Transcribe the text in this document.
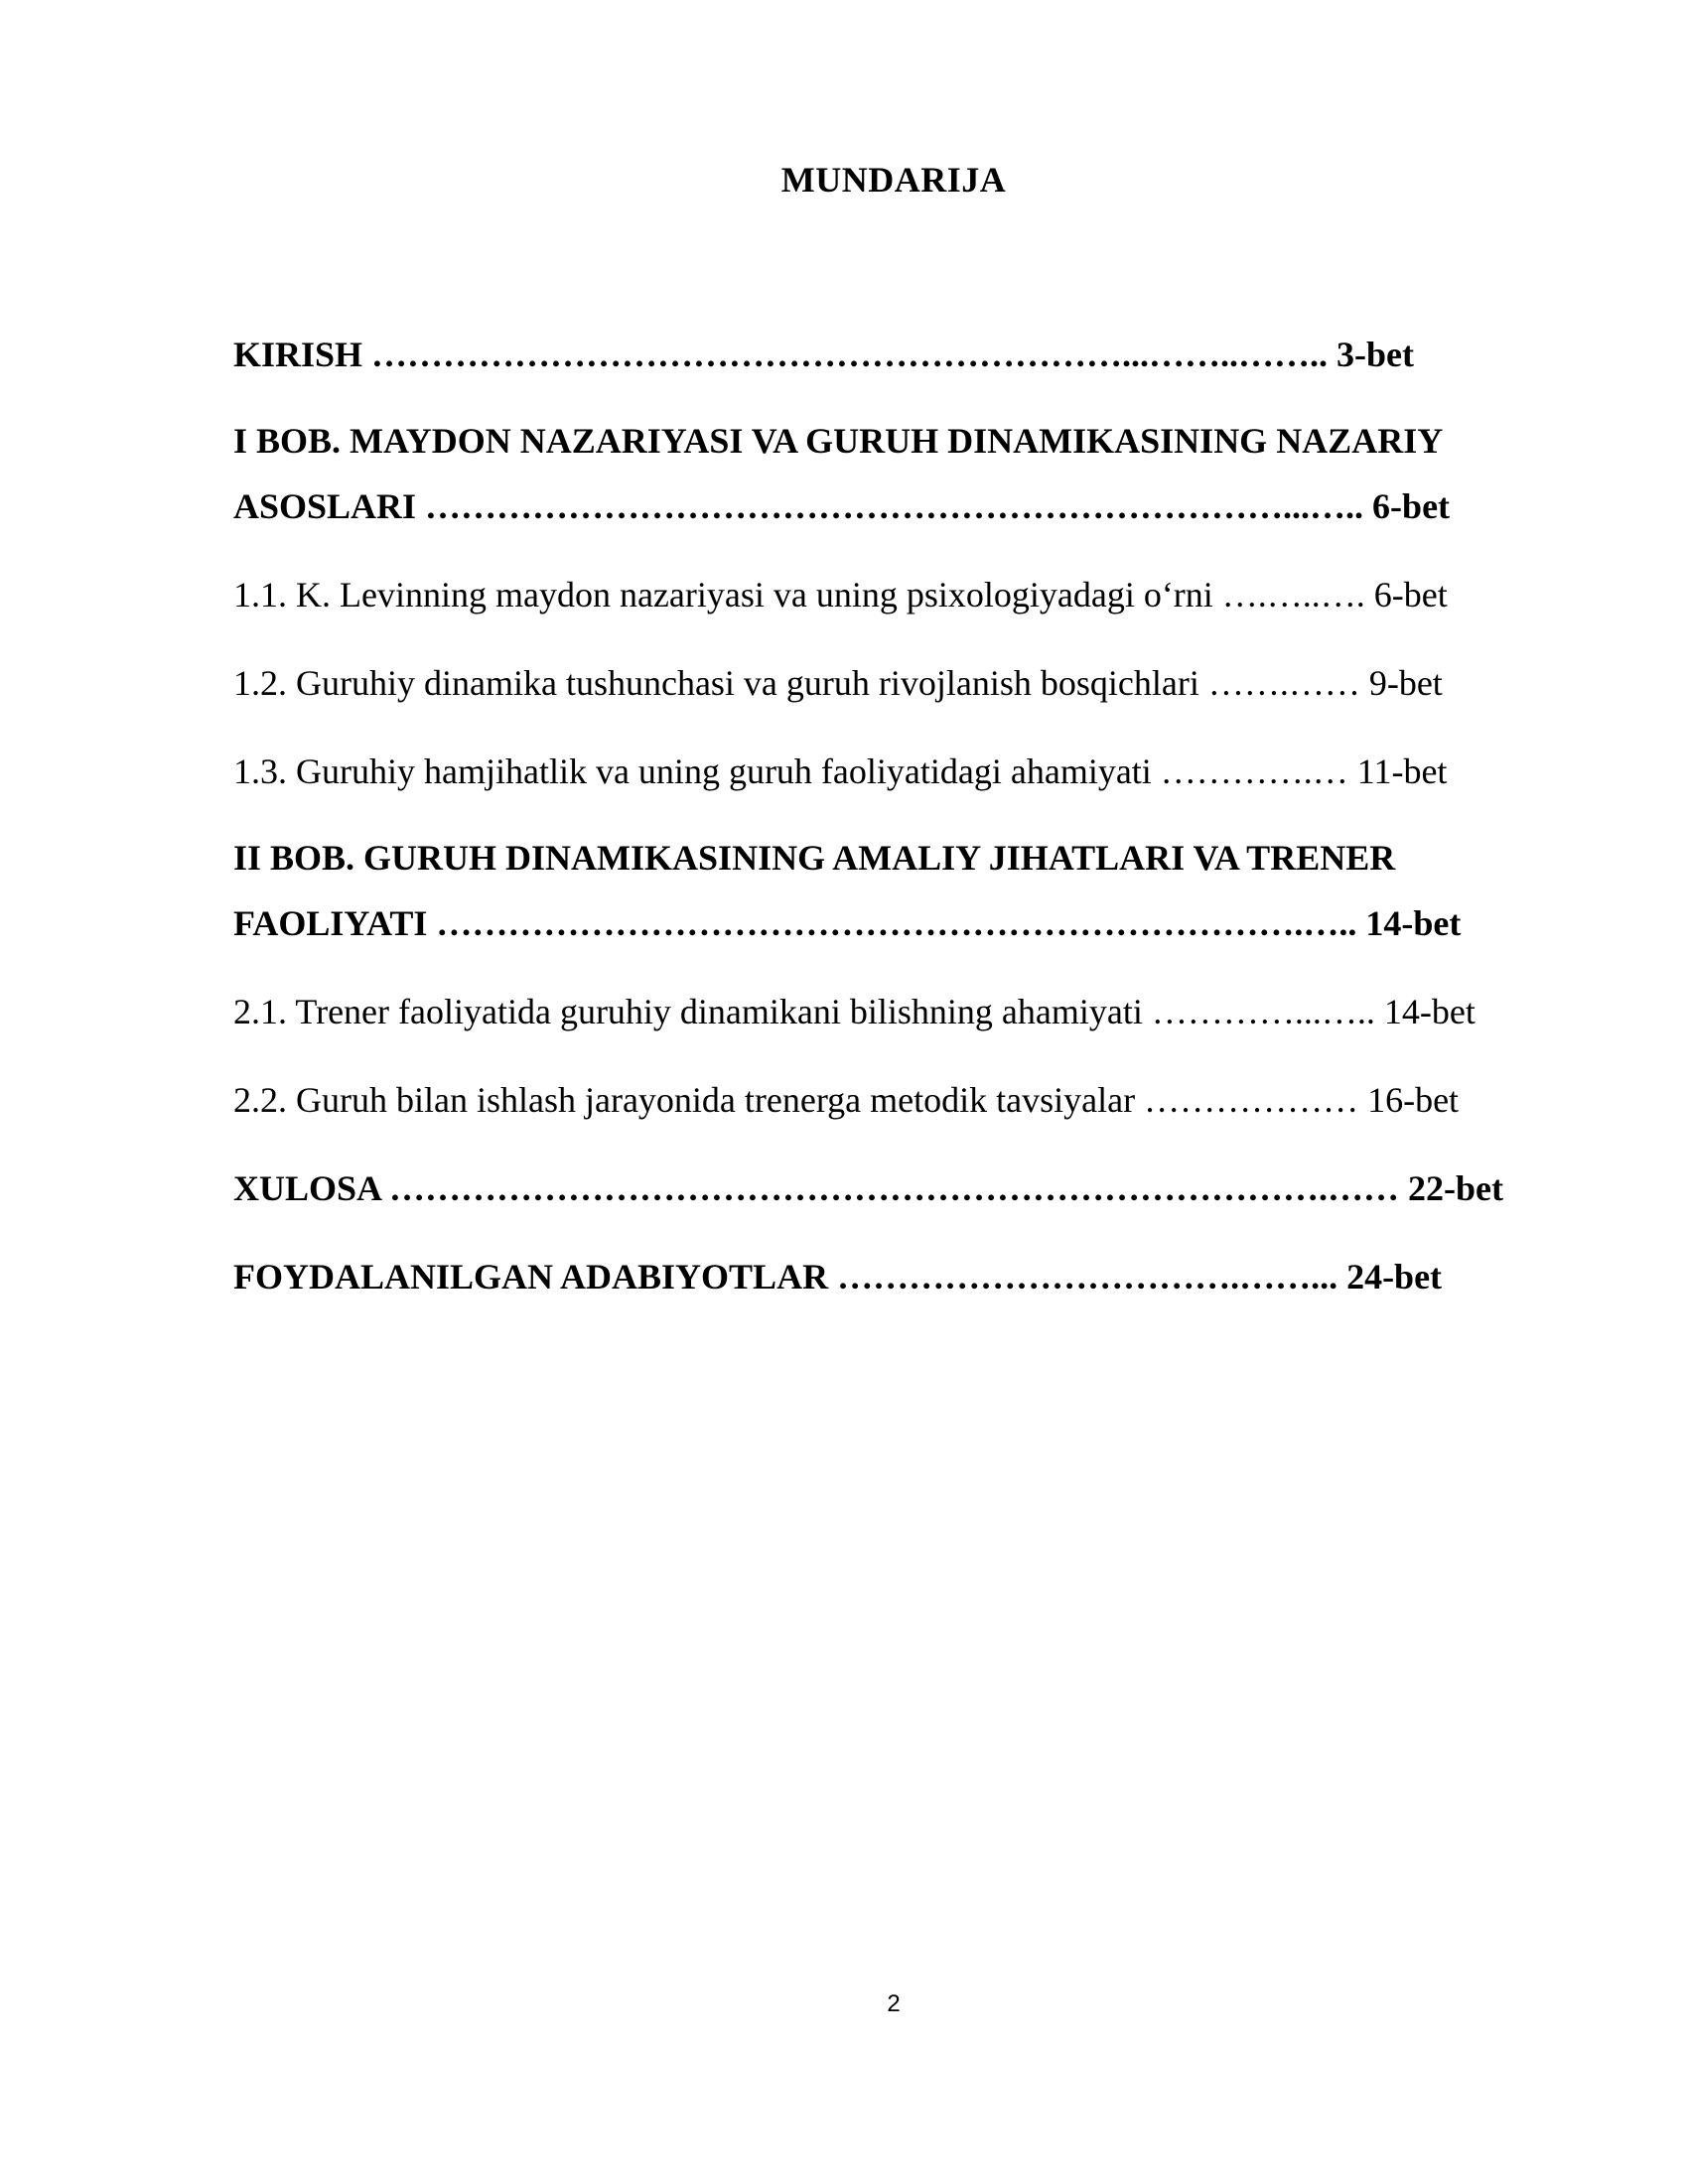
MUNDARIJA
KIRISH ………………………………………………………...……..…….. 3-bet
I BOB. MAYDON NAZARIYASI VA GURUH DINAMIKASINING NAZARIY
ASOSLARI ………………………………………………………………...….. 6-bet
1.1. K. Levinning maydon nazariyasi va uning psixologiyadagi o‘rni ….…..…. 6-bet
1.2. Guruhiy dinamika tushunchasi va guruh rivojlanish bosqichlari …….…… 9-bet
1.3. Guruhiy hamjihatlik va uning guruh faoliyatidagi ahamiyati ………….… 11-bet
II BOB. GURUH DINAMIKASINING AMALIY JIHATLARI VA TRENER
FAOLIYATI ……………………………………………………………….….. 14-bet
2.1. Trener faoliyatida guruhiy dinamikani bilishning ahamiyati …………...….. 14-bet
2.2. Guruh bilan ishlash jarayonida trenerga metodik tavsiyalar ……………… 16-bet
XULOSA …………………………………………………………………….…… 22-bet
FOYDALANILGAN ADABIYOTLAR …………………………….……... 24-bet
2
